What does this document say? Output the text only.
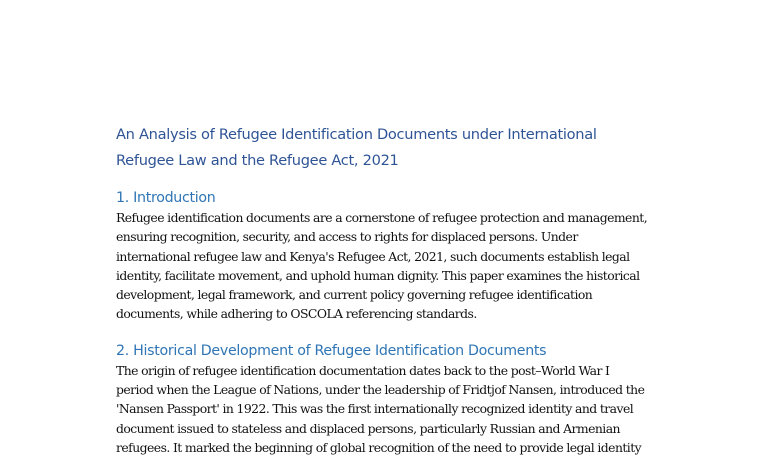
An Analysis of Refugee Identification Documents under International
Refugee Law and the Refugee Act, 2021
1. Introduction
Refugee identification documents are a cornerstone of refugee protection and management,
ensuring recognition, security, and access to rights for displaced persons. Under
international refugee law and Kenya's Refugee Act, 2021, such documents establish legal
identity, facilitate movement, and uphold human dignity. This paper examines the historical
development, legal framework, and current policy governing refugee identification
documents, while adhering to OSCOLA referencing standards.
2. Historical Development of Refugee Identification Documents
The origin of refugee identification documentation dates back to the post–World War I
period when the League of Nations, under the leadership of Fridtjof Nansen, introduced the
'Nansen Passport' in 1922. This was the first internationally recognized identity and travel
document issued to stateless and displaced persons, particularly Russian and Armenian
refugees. It marked the beginning of global recognition of the need to provide legal identity
